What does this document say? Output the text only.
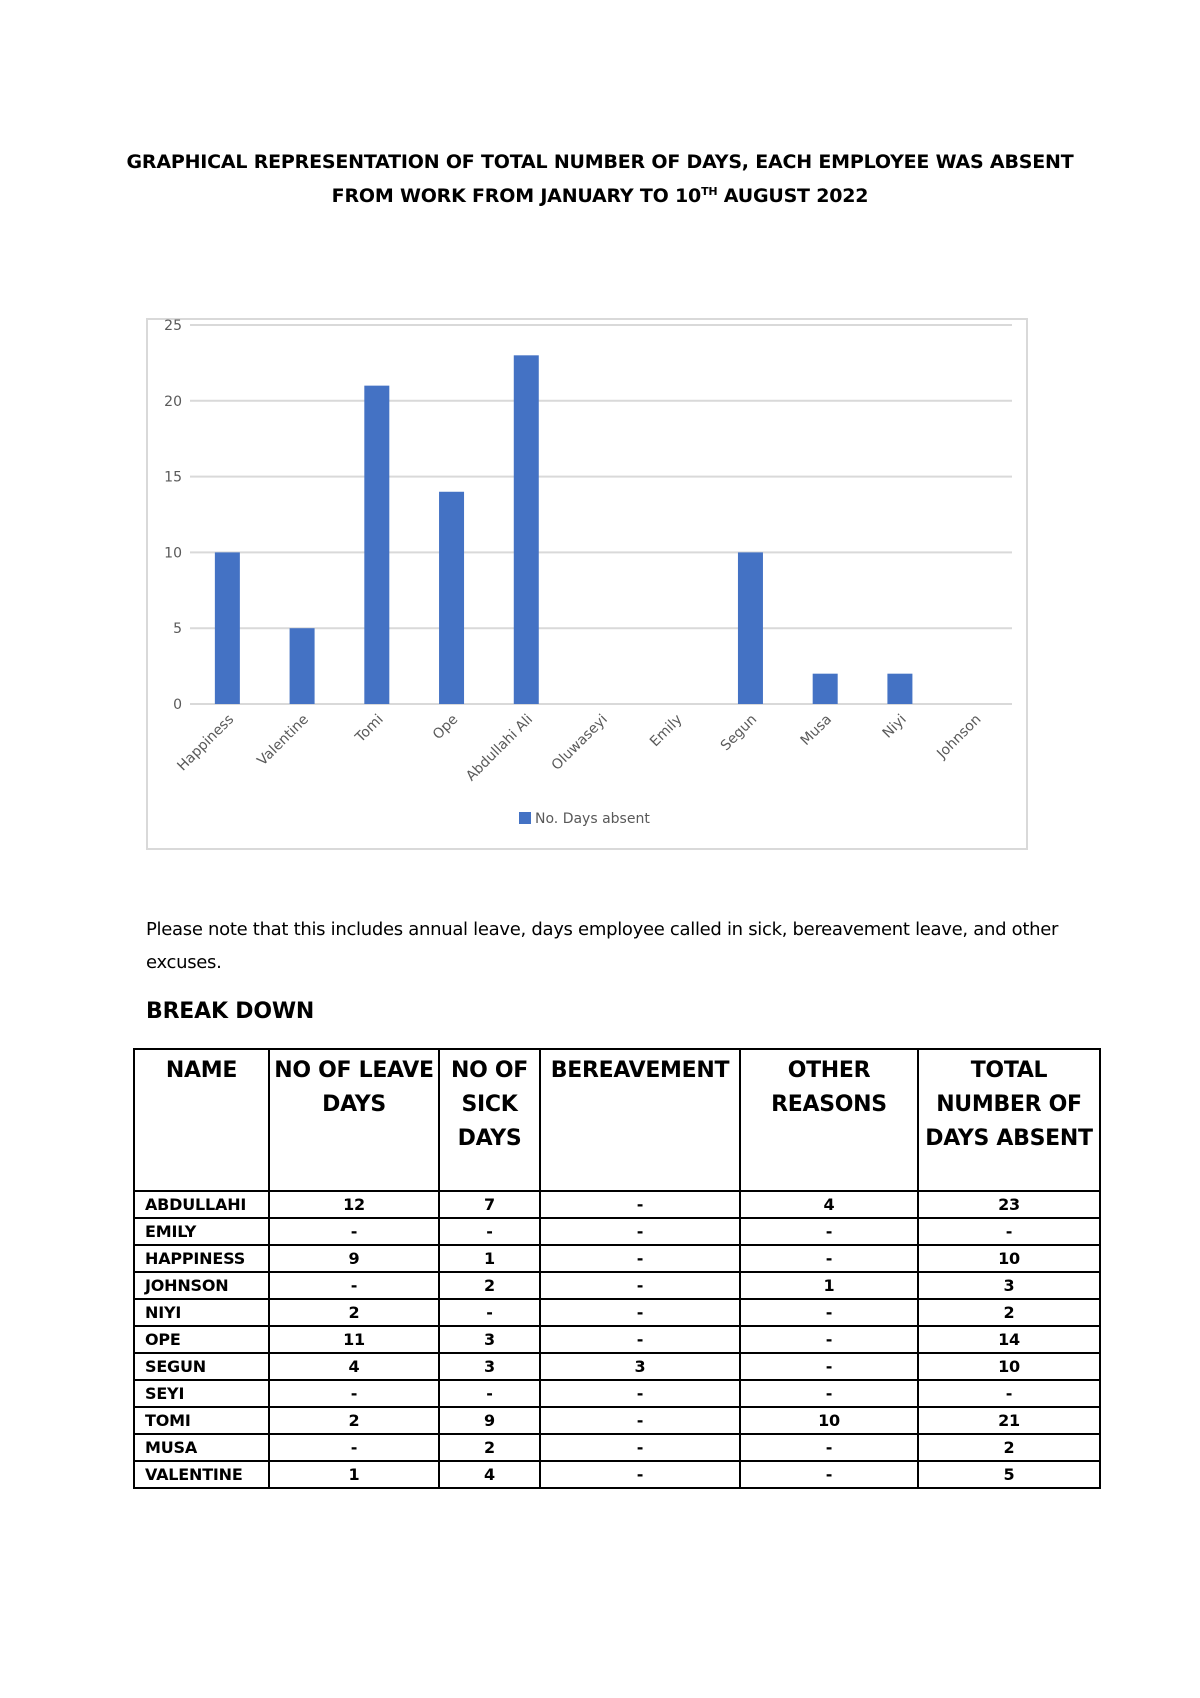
GRAPHICAL REPRESENTATION OF TOTAL NUMBER OF DAYS, EACH EMPLOYEE WAS ABSENT
FROM WORK FROM JANUARY TO 10TH AUGUST 2022
0
5
10
15
20
25
Happiness Valentine	Tomi	Ope Abdullahi Ali Oluwaseyi	Emily Segun	Musa	Niyi Johnson
No. Days absent
Please note that this includes annual leave, days employee called in sick, bereavement leave, and other excuses.
BREAK DOWN
NAME	NO OF LEAVE DAYS	NO OF SICK DAYS	BEREAVEMENT	OTHER REASONS	TOTAL NUMBER OF DAYS ABSENT
ABDULLAHI	12	7	-	4	23
EMILY	-	-	-	-	-
HAPPINESS	9	1	-	-	10
JOHNSON	-	2	-	1	3
NIYI	2	-	-	-	2
OPE	11	3	-	-	14
SEGUN	4	3	3	-	10
SEYI	-	-	-	-	-
TOMI	2	9	-	10	21
MUSA	-	2	-	-	2
VALENTINE	1	4	-	-	5
